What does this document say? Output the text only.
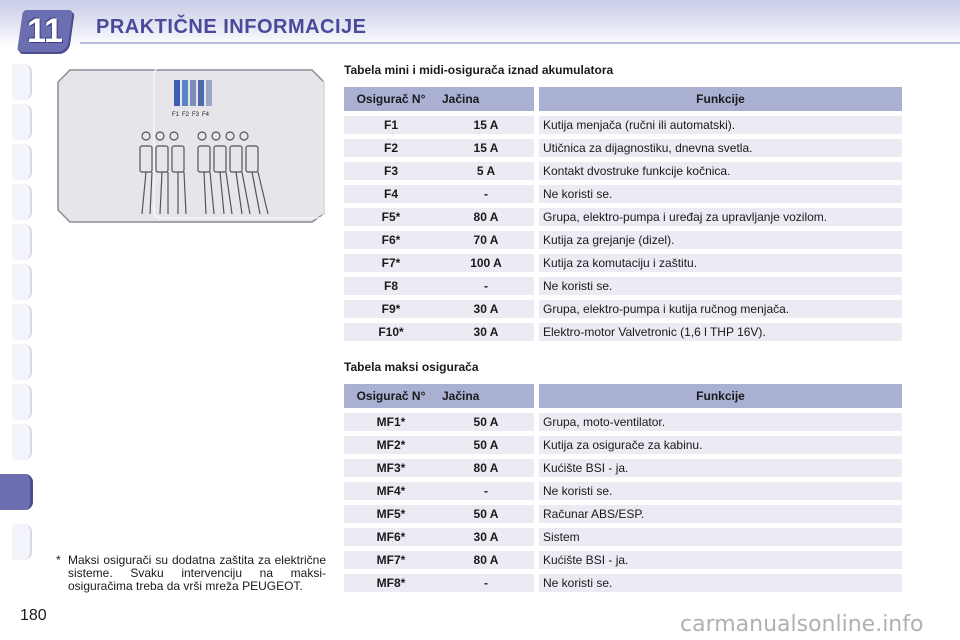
11	PRAKTIČNE INFORMACIJE
F1 F2 F3 F4
Tabela mini i midi-osigurača iznad akumulatora
Osigurač N°	Jačina	Funkcije
F1	15 A	Kutija menjača (ručni ili automatski).
F2	15 A	Utičnica za dijagnostiku, dnevna svetla.
F3	5 A	Kontakt dvostruke funkcije kočnica.
F4	-	Ne koristi se.
F5*	80 A	Grupa, elektro-pumpa i uređaj za upravljanje vozilom.
F6*	70 A	Kutija za grejanje (dizel).
F7*	100 A	Kutija za komutaciju i zaštitu.
F8	-	Ne koristi se.
F9*	30 A	Grupa, elektro-pumpa i kutija ručnog menjača.
F10*	30 A	Elektro-motor Valvetronic (1,6 l THP 16V).
Tabela maksi osigurača
Osigurač N°	Jačina	Funkcije
MF1*	50 A	Grupa, moto-ventilator.
MF2*	50 A	Kutija za osigurače za kabinu.
MF3*	80 A	Kućište BSI - ja.
MF4*	-	Ne koristi se.
MF5*	50 A	Računar ABS/ESP.
MF6*	30 A	Sistem
MF7*	80 A	Kućište BSI - ja.
MF8*	-	Ne koristi se.
* Maksi osigurači su dodatna zaštita za električne sisteme. Svaku intervenciju na maksi-osiguračima treba da vrši mreža PEUGEOT.
180	carmanualsonline.info
